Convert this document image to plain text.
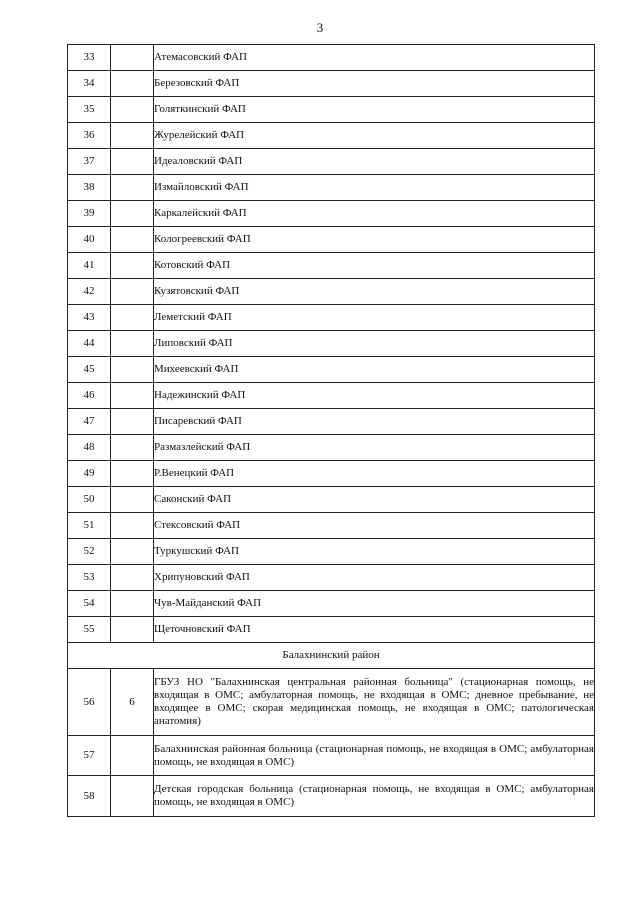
3
33		Атемасовский ФАП
34		Березовский ФАП
35		Голяткинский ФАП
36		Журелейский ФАП
37		Идеаловский ФАП
38		Измайловский ФАП
39		Каркалейский ФАП
40		Кологреевский ФАП
41		Котовский ФАП
42		Кузятовский ФАП
43		Леметский ФАП
44		Липовский ФАП
45		Михеевский ФАП
46		Надежинский ФАП
47		Писаревский ФАП
48		Размазлейский ФАП
49		Р.Венецкий ФАП
50		Саконский ФАП
51		Стексовский ФАП
52		Туркушский ФАП
53		Хрипуновский ФАП
54		Чув-Майданский ФАП
55		Щеточновский ФАП
Балахнинский район		
56	6	ГБУЗ НО "Балахнинская центральная районная больница" (стационарная помощь, не входящая в ОМС; амбулаторная помощь, не входящая в ОМС; дневное пребывание, не входящее в ОМС; скорая медицинская помощь, не входящая в ОМС; патологическая анатомия)
57		Балахнинская районная больница (стационарная помощь, не входящая в ОМС; амбулаторная помощь, не входящая в ОМС)
58		Детская городская больница (стационарная помощь, не входящая в ОМС; амбулаторная помощь, не входящая в ОМС)
